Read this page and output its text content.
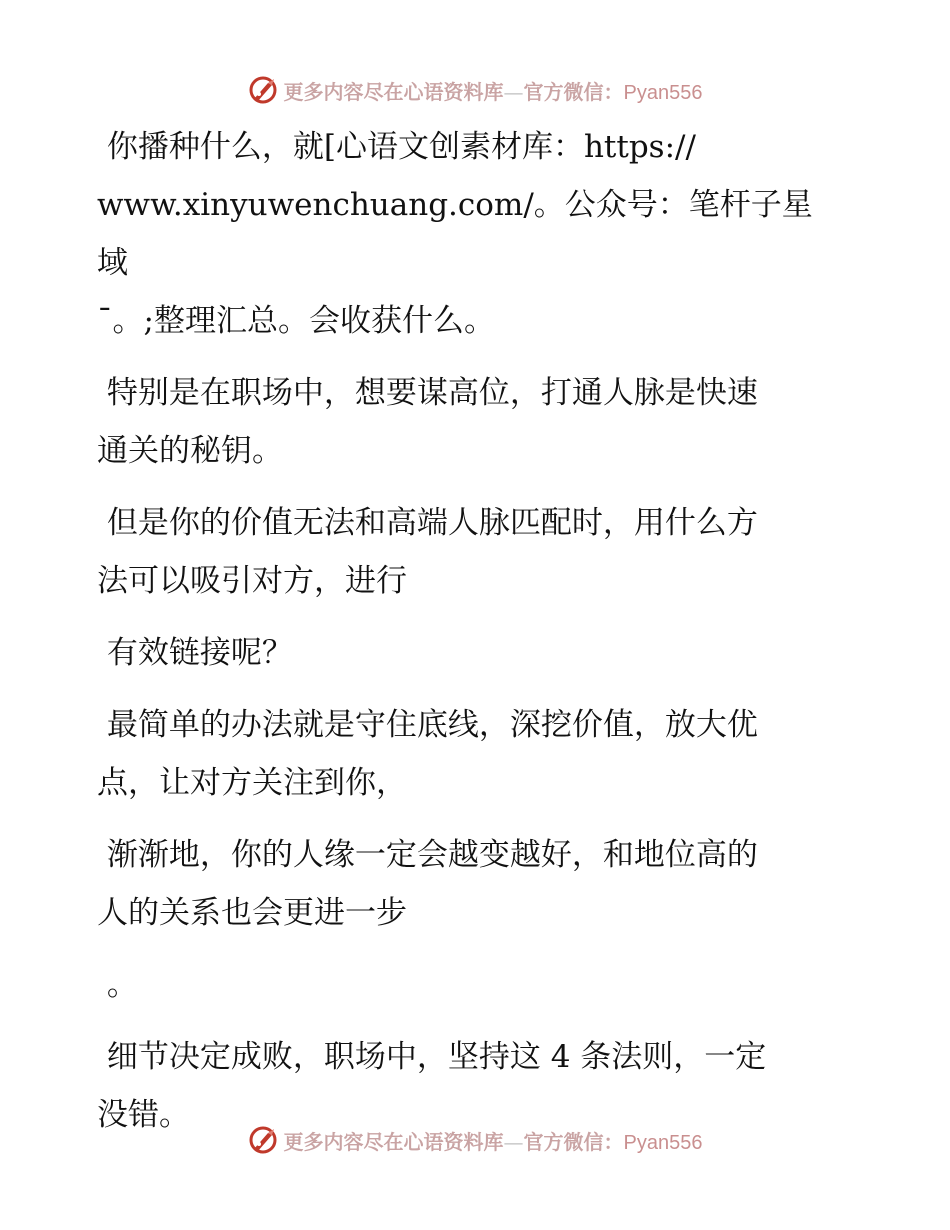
更多内容尽在心语资料库—官方微信：Pyan556

你播种什么，就[心语文创素材库：https://
www.xinyuwenchuang.com/。公众号：笔杆子星域
ˉ。;整理汇总。会收获什么。

特别是在职场中，想要谋高位，打通人脉是快速
通关的秘钥。

但是你的价值无法和高端人脉匹配时，用什么方
法可以吸引对方，进行

有效链接呢？

最简单的办法就是守住底线，深挖价值，放大优
点，让对方关注到你，

渐渐地，你的人缘一定会越变越好，和地位高的
人的关系也会更进一步

。

细节决定成败，职场中，坚持这 4 条法则，一定
没错。

更多内容尽在心语资料库—官方微信：Pyan556
